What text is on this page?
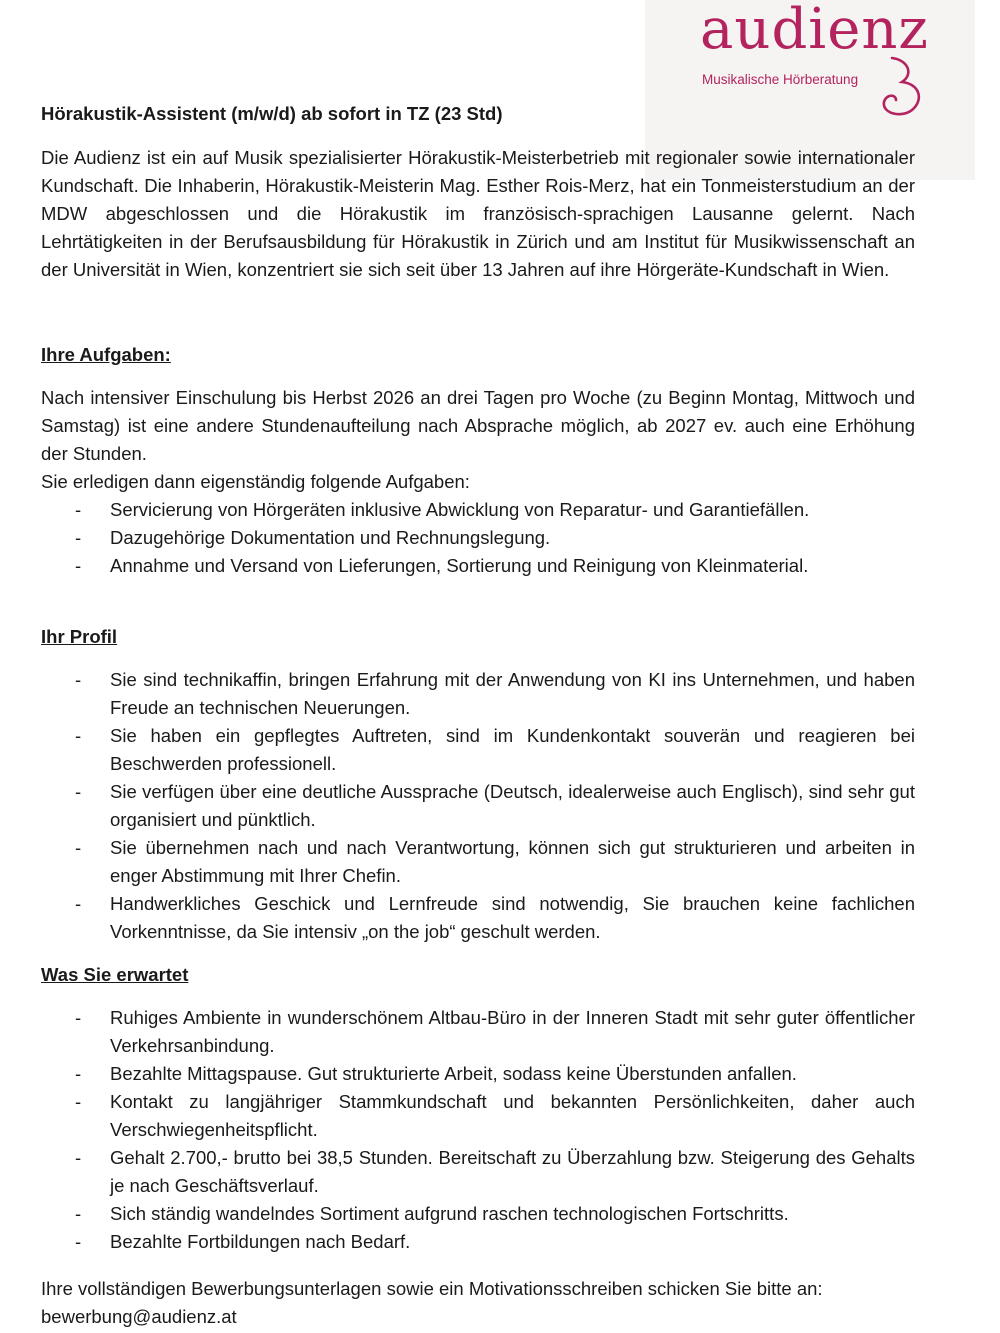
audienz
Musikalische Hörberatung
Hörakustik-Assistent (m/w/d) ab sofort in TZ (23 Std)
Die Audienz ist ein auf Musik spezialisierter Hörakustik-Meisterbetrieb mit regionaler sowie internationaler Kundschaft. Die Inhaberin, Hörakustik-Meisterin Mag. Esther Rois-Merz, hat ein Tonmeisterstudium an der MDW abgeschlossen und die Hörakustik im französisch-sprachigen Lausanne gelernt. Nach Lehrtätigkeiten in der Berufsausbildung für Hörakustik in Zürich und am Institut für Musikwissenschaft an der Universität in Wien, konzentriert sie sich seit über 13 Jahren auf ihre Hörgeräte-Kundschaft in Wien.
Ihre Aufgaben:
Nach intensiver Einschulung bis Herbst 2026 an drei Tagen pro Woche (zu Beginn Montag, Mittwoch und Samstag) ist eine andere Stundenaufteilung nach Absprache möglich, ab 2027 ev. auch eine Erhöhung der Stunden.
Sie erledigen dann eigenständig folgende Aufgaben:
- Servicierung von Hörgeräten inklusive Abwicklung von Reparatur- und Garantiefällen.
- Dazugehörige Dokumentation und Rechnungslegung.
- Annahme und Versand von Lieferungen, Sortierung und Reinigung von Kleinmaterial.
Ihr Profil
- Sie sind technikaffin, bringen Erfahrung mit der Anwendung von KI ins Unternehmen, und haben Freude an technischen Neuerungen.
- Sie haben ein gepflegtes Auftreten, sind im Kundenkontakt souverän und reagieren bei Beschwerden professionell.
- Sie verfügen über eine deutliche Aussprache (Deutsch, idealerweise auch Englisch), sind sehr gut organisiert und pünktlich.
- Sie übernehmen nach und nach Verantwortung, können sich gut strukturieren und arbeiten in enger Abstimmung mit Ihrer Chefin.
- Handwerkliches Geschick und Lernfreude sind notwendig, Sie brauchen keine fachlichen Vorkenntnisse, da Sie intensiv „on the job“ geschult werden.
Was Sie erwartet
- Ruhiges Ambiente in wunderschönem Altbau-Büro in der Inneren Stadt mit sehr guter öffentlicher Verkehrsanbindung.
- Bezahlte Mittagspause. Gut strukturierte Arbeit, sodass keine Überstunden anfallen.
- Kontakt zu langjähriger Stammkundschaft und bekannten Persönlichkeiten, daher auch Verschwiegenheitspflicht.
- Gehalt 2.700,- brutto bei 38,5 Stunden. Bereitschaft zu Überzahlung bzw. Steigerung des Gehalts je nach Geschäftsverlauf.
- Sich ständig wandelndes Sortiment aufgrund raschen technologischen Fortschritts.
- Bezahlte Fortbildungen nach Bedarf.
Ihre vollständigen Bewerbungsunterlagen sowie ein Motivationsschreiben schicken Sie bitte an:
bewerbung@audienz.at
